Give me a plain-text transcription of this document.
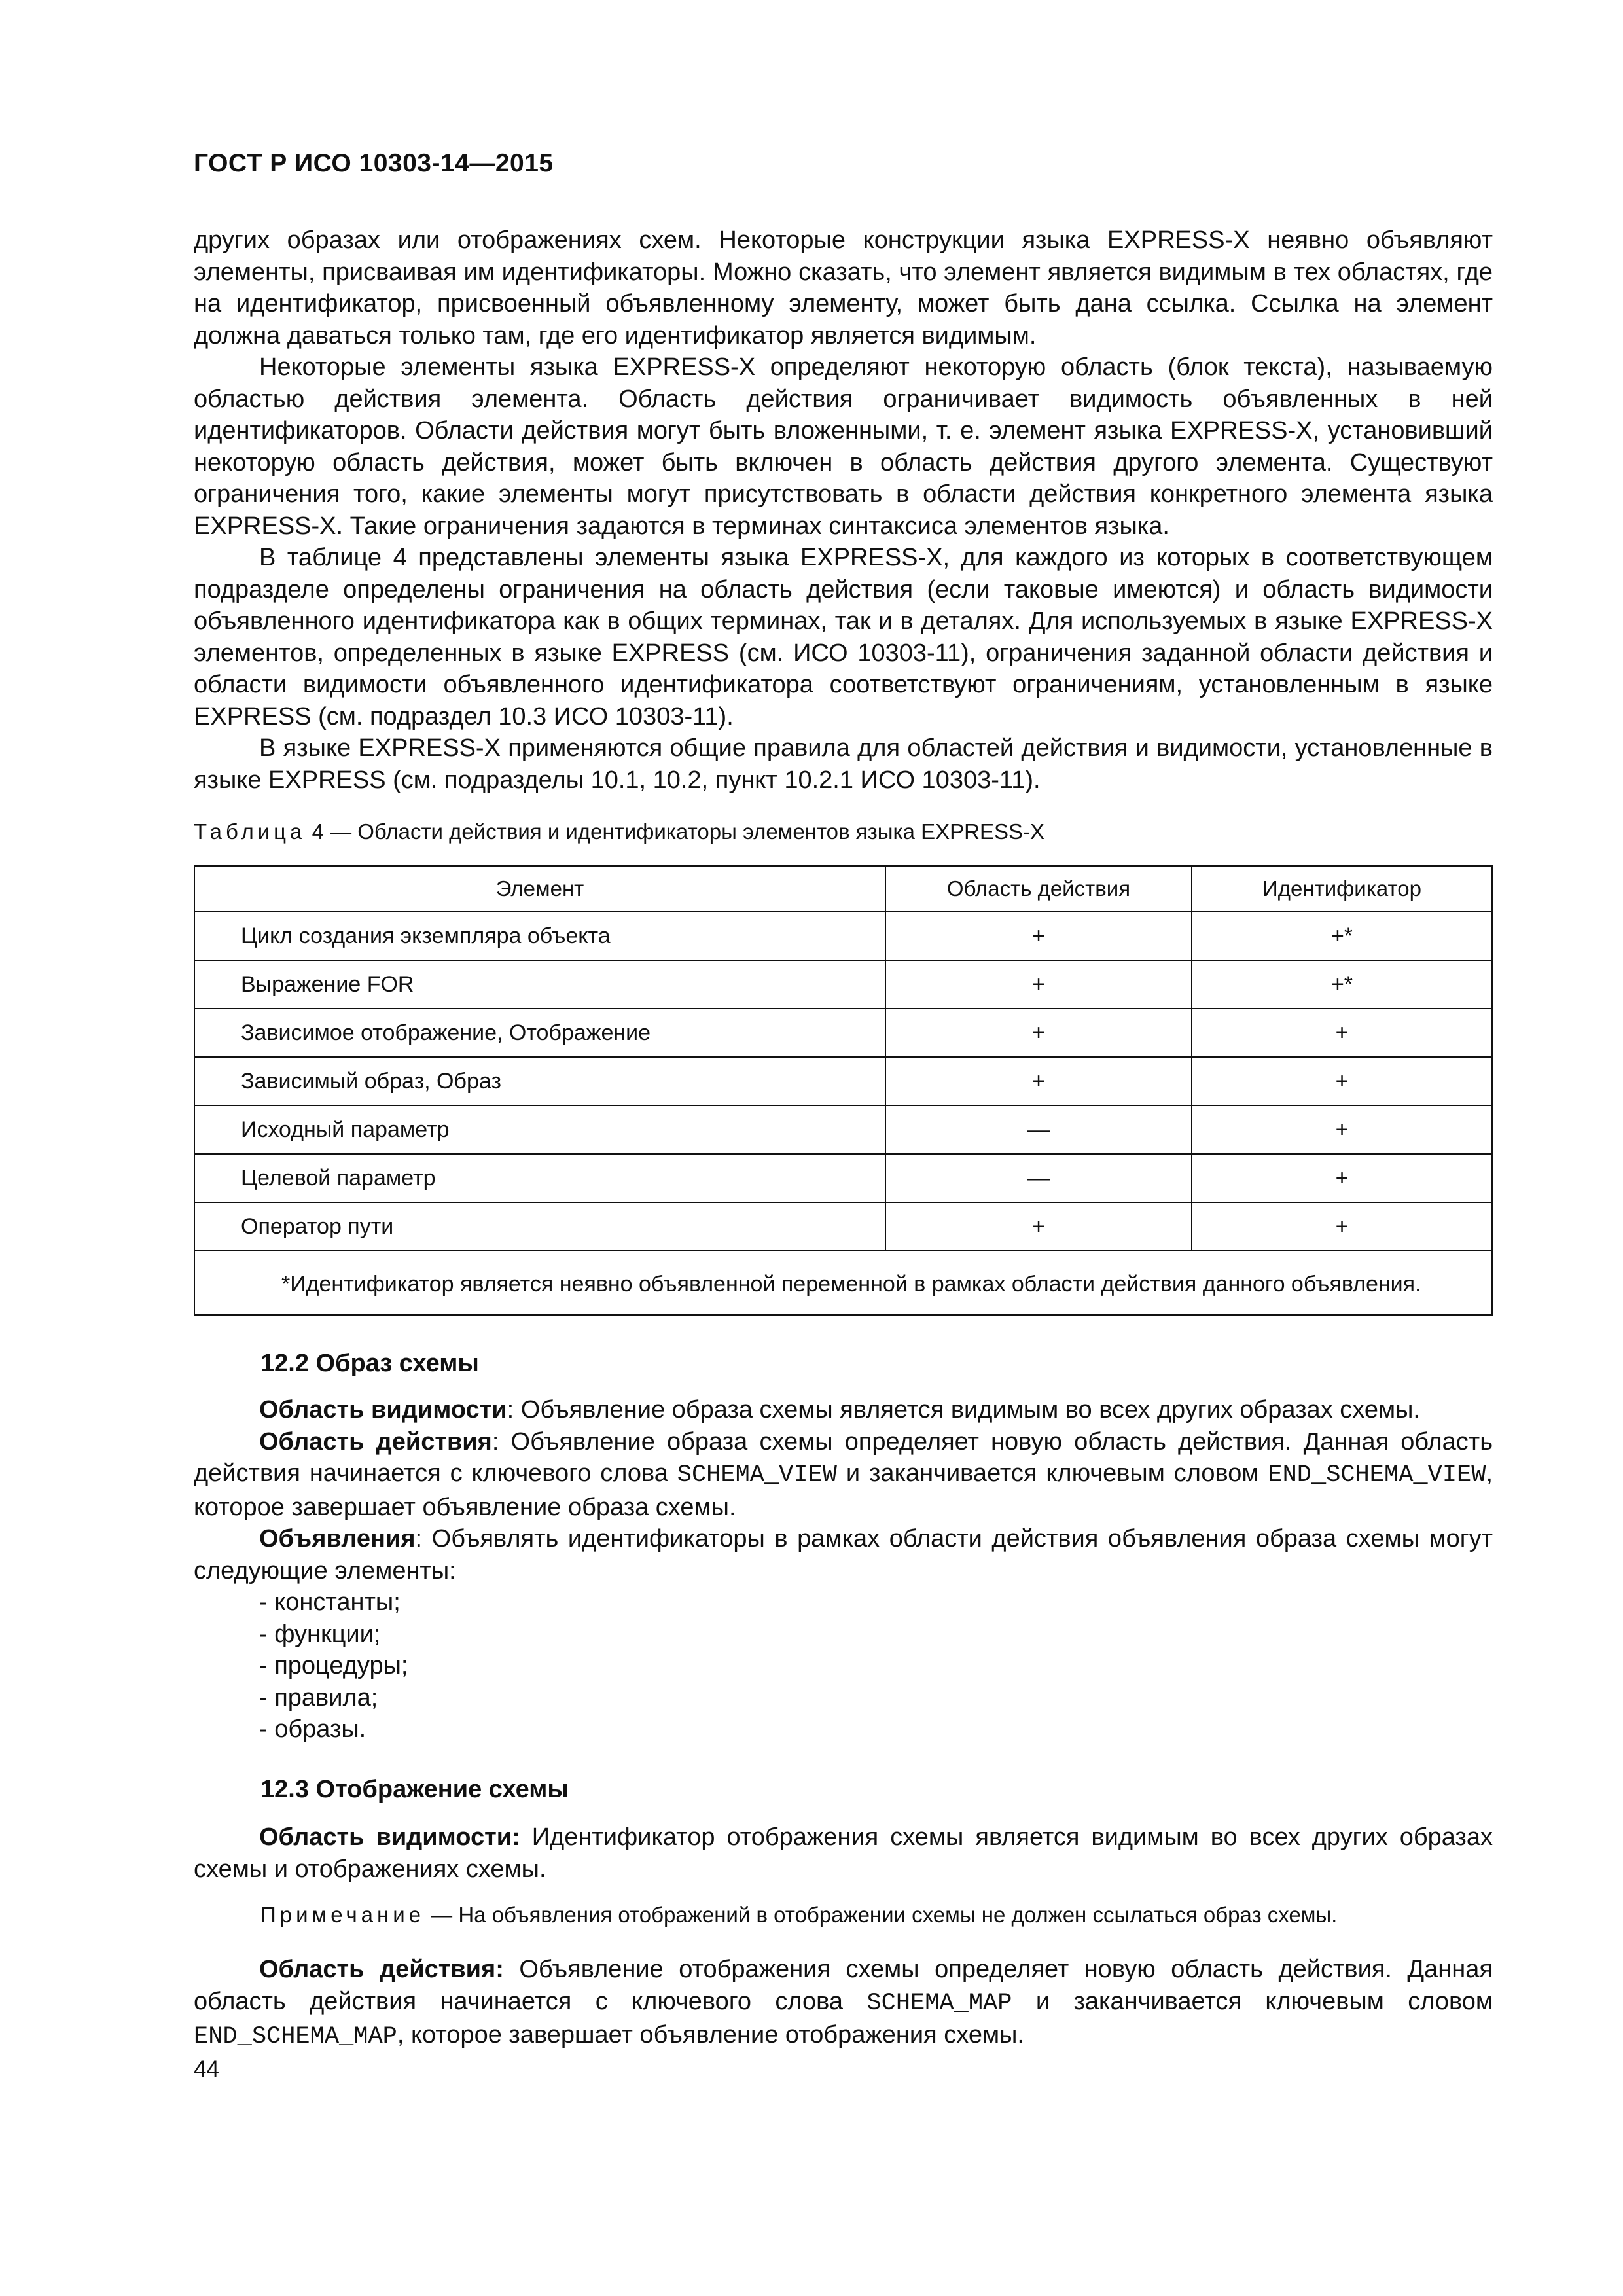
ГОСТ Р ИСО 10303-14—2015

других образах или отображениях схем. Некоторые конструкции языка EXPRESS-X неявно объявляют элементы, присваивая им идентификаторы. Можно сказать, что элемент является видимым в тех областях, где на идентификатор, присвоенный объявленному элементу, может быть дана ссылка. Ссылка на элемент должна даваться только там, где его идентификатор является видимым.

Некоторые элементы языка EXPRESS-X определяют некоторую область (блок текста), называемую областью действия элемента. Область действия ограничивает видимость объявленных в ней идентификаторов. Области действия могут быть вложенными, т. е. элемент языка EXPRESS-X, установивший некоторую область действия, может быть включен в область действия другого элемента. Существуют ограничения того, какие элементы могут присутствовать в области действия конкретного элемента языка EXPRESS-X. Такие ограничения задаются в терминах синтаксиса элементов языка.

В таблице 4 представлены элементы языка EXPRESS-X, для каждого из которых в соответствующем подразделе определены ограничения на область действия (если таковые имеются) и область видимости объявленного идентификатора как в общих терминах, так и в деталях. Для используемых в языке EXPRESS-X элементов, определенных в языке EXPRESS (см. ИСО 10303-11), ограничения заданной области действия и области видимости объявленного идентификатора соответствуют ограничениям, установленным в языке EXPRESS (см. подраздел 10.3 ИСО 10303-11).

В языке EXPRESS-X применяются общие правила для областей действия и видимости, установленные в языке EXPRESS (см. подразделы 10.1, 10.2, пункт 10.2.1 ИСО 10303-11).

Таблица 4 — Области действия и идентификаторы элементов языка EXPRESS-X
Элемент	Область действия	Идентификатор
Цикл создания экземпляра объекта	+	+*
Выражение FOR	+	+*
Зависимое отображение, Отображение	+	+
Зависимый образ, Образ	+	+
Исходный параметр	—	+
Целевой параметр	—	+
Оператор пути	+	+
*Идентификатор является неявно объявленной переменной в рамках области действия данного объявления.		
12.2 Образ схемы

Область видимости: Объявление образа схемы является видимым во всех других образах схемы.

Область действия: Объявление образа схемы определяет новую область действия. Данная область действия начинается с ключевого слова SCHEMA_VIEW и заканчивается ключевым словом END_SCHEMA_VIEW, которое завершает объявление образа схемы.

Объявления: Объявлять идентификаторы в рамках области действия объявления образа схемы могут следующие элементы:

- константы;
- функции;
- процедуры;
- правила;
- образы.
12.3 Отображение схемы

Область видимости: Идентификатор отображения схемы является видимым во всех других образах схемы и отображениях схемы.

Примечание — На объявления отображений в отображении схемы не должен ссылаться образ схемы.

Область действия: Объявление отображения схемы определяет новую область действия. Данная область действия начинается с ключевого слова SCHEMA_MAP и заканчивается ключевым словом END_SCHEMA_MAP, которое завершает объявление отображения схемы.

44
